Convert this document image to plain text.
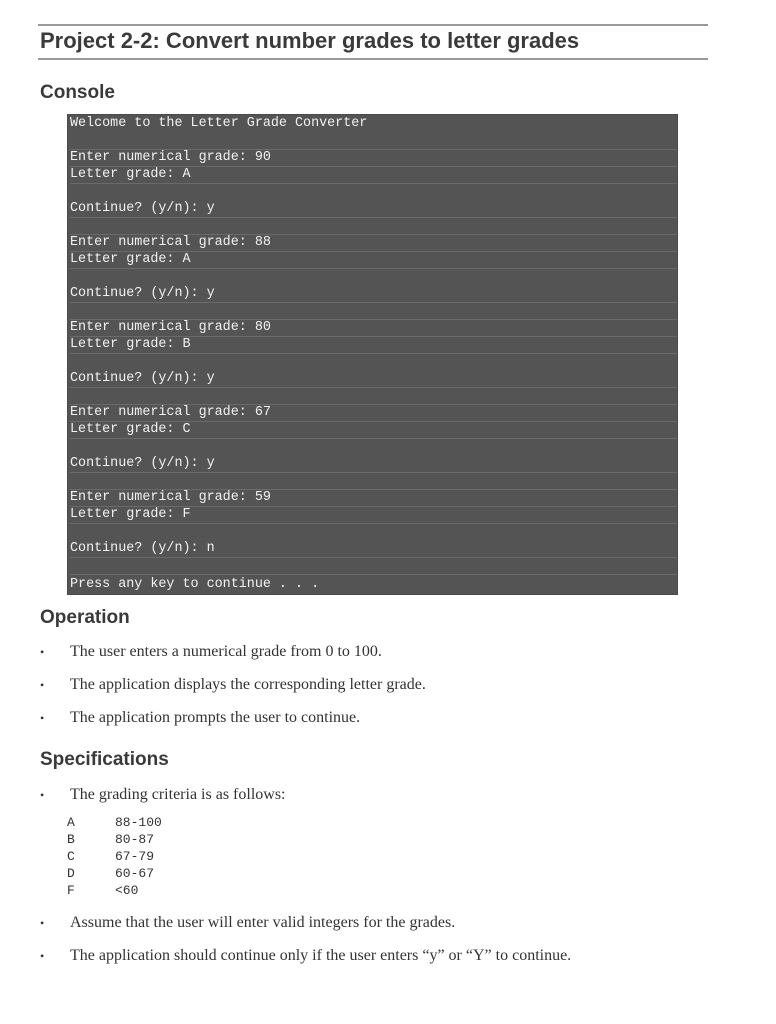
Project 2-2: Convert number grades to letter grades
Console
Welcome to the Letter Grade Converter
Enter numerical grade: 90
Letter grade: A
Continue? (y/n): y
Enter numerical grade: 88
Letter grade: A
Continue? (y/n): y
Enter numerical grade: 80
Letter grade: B
Continue? (y/n): y
Enter numerical grade: 67
Letter grade: C
Continue? (y/n): y
Enter numerical grade: 59
Letter grade: F
Continue? (y/n): n
Press any key to continue . . .
Operation
• The user enters a numerical grade from 0 to 100.
• The application displays the corresponding letter grade.
• The application prompts the user to continue.
Specifications
• The grading criteria is as follows:
A	88-100
B	80-87
C	67-79
D	60-67
F	<60
• Assume that the user will enter valid integers for the grades.
• The application should continue only if the user enters “y” or “Y” to continue.
